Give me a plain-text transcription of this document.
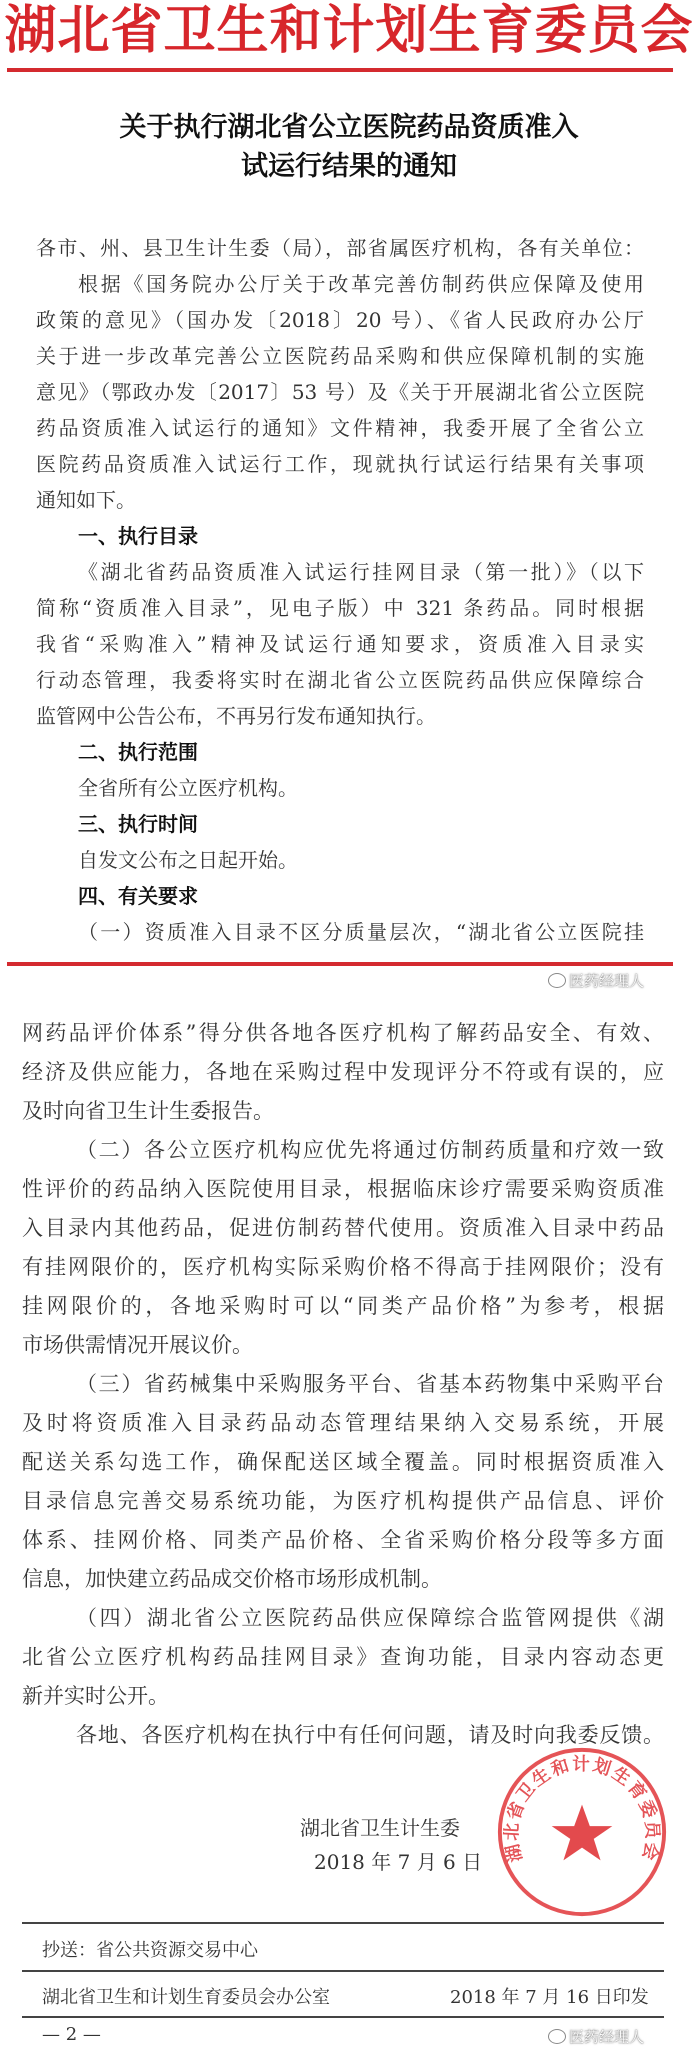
湖北省卫生和计划生育委员会
关于执行湖北省公立医院药品资质准入
试运行结果的通知
各市、州、县卫生计生委（局），部省属医疗机构，各有关单位：
根据《国务院办公厅关于改革完善仿制药供应保障及使用
政策的意见》（国办发〔2018〕20 号）、《省人民政府办公厅
关于进一步改革完善公立医院药品采购和供应保障机制的实施
意见》（鄂政办发〔2017〕53 号）及《关于开展湖北省公立医院
药品资质准入试运行的通知》文件精神，我委开展了全省公立
医院药品资质准入试运行工作，现就执行试运行结果有关事项
通知如下。
一、执行目录
《湖北省药品资质准入试运行挂网目录（第一批）》（以下
简称“资质准入目录”，见电子版）中 321 条药品。同时根据
我省“采购准入”精神及试运行通知要求，资质准入目录实
行动态管理，我委将实时在湖北省公立医院药品供应保障综合
监管网中公告公布，不再另行发布通知执行。
二、执行范围
全省所有公立医疗机构。
三、执行时间
自发文公布之日起开始。
四、有关要求
（一）资质准入目录不区分质量层次，“湖北省公立医院挂
医药经理人
网药品评价体系”得分供各地各医疗机构了解药品安全、有效、
经济及供应能力，各地在采购过程中发现评分不符或有误的，应
及时向省卫生计生委报告。
（二）各公立医疗机构应优先将通过仿制药质量和疗效一致
性评价的药品纳入医院使用目录，根据临床诊疗需要采购资质准
入目录内其他药品，促进仿制药替代使用。资质准入目录中药品
有挂网限价的，医疗机构实际采购价格不得高于挂网限价；没有
挂网限价的，各地采购时可以“同类产品价格”为参考，根据
市场供需情况开展议价。
（三）省药械集中采购服务平台、省基本药物集中采购平台
及时将资质准入目录药品动态管理结果纳入交易系统，开展
配送关系勾选工作，确保配送区域全覆盖。同时根据资质准入
目录信息完善交易系统功能，为医疗机构提供产品信息、评价
体系、挂网价格、同类产品价格、全省采购价格分段等多方面
信息，加快建立药品成交价格市场形成机制。
（四）湖北省公立医院药品供应保障综合监管网提供《湖
北省公立医疗机构药品挂网目录》查询功能，目录内容动态更
新并实时公开。
各地、各医疗机构在执行中有任何问题，请及时向我委反馈。
湖北省卫生和计划生育委员会
湖北省卫生计生委
2018 年 7 月 6 日
抄送：省公共资源交易中心
湖北省卫生和计划生育委员会办公室	2018 年 7 月 16 日印发
— 2 —	医药经理人
